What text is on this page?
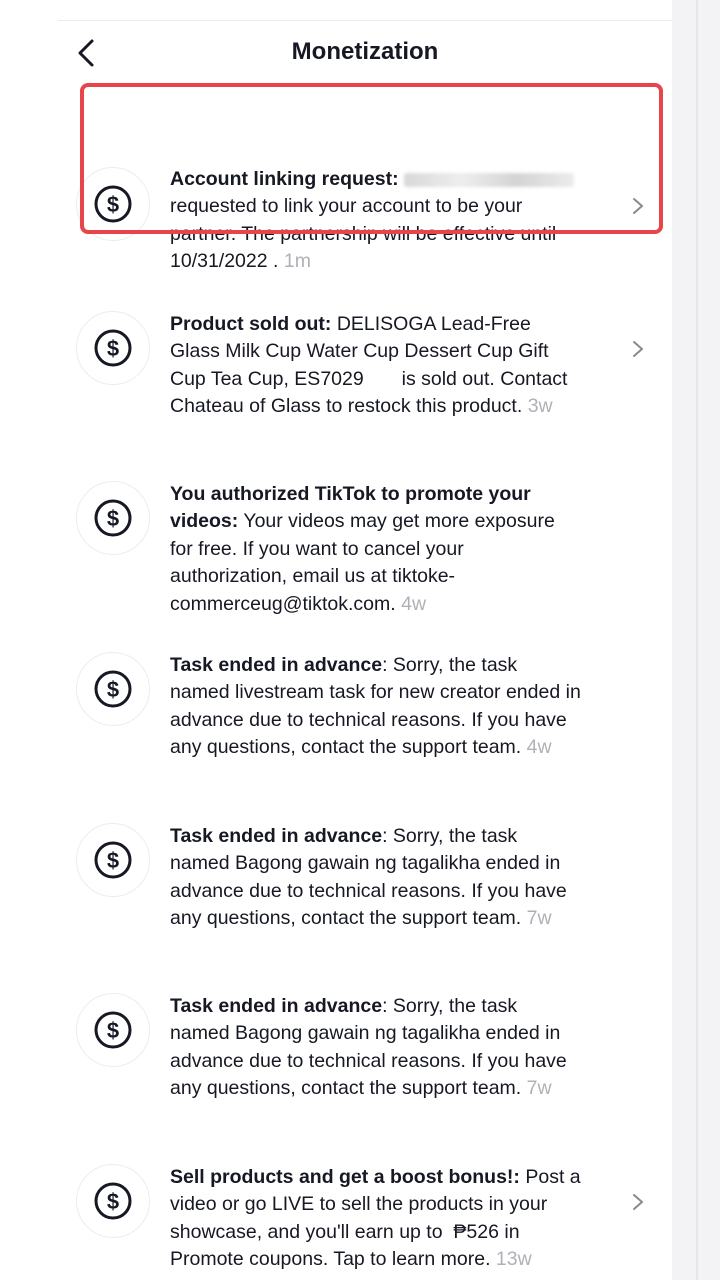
Monetization
$
Account linking request:  requested to link your account to be your partner. The partnership will be effective until 10/31/2022 . 1m
$
Product sold out: DELISOGA Lead-Free Glass Milk Cup Water Cup Dessert Cup Gift Cup Tea Cup, ES7029       is sold out. Contact Chateau of Glass to restock this product. 3w
$
You authorized TikTok to promote your videos: Your videos may get more exposure for free. If you want to cancel your authorization, email us at tiktoke-commerceug@tiktok.com. 4w
$
Task ended in advance: Sorry, the task named livestream task for new creator ended in advance due to technical reasons. If you have any questions, contact the support team. 4w
$
Task ended in advance: Sorry, the task named Bagong gawain ng tagalikha ended in advance due to technical reasons. If you have any questions, contact the support team. 7w
$
Task ended in advance: Sorry, the task named Bagong gawain ng tagalikha ended in advance due to technical reasons. If you have any questions, contact the support team. 7w
$
Sell products and get a boost bonus!: Post a video or go LIVE to sell the products in your showcase, and you'll earn up to  ₱526 in Promote coupons. Tap to learn more. 13w
